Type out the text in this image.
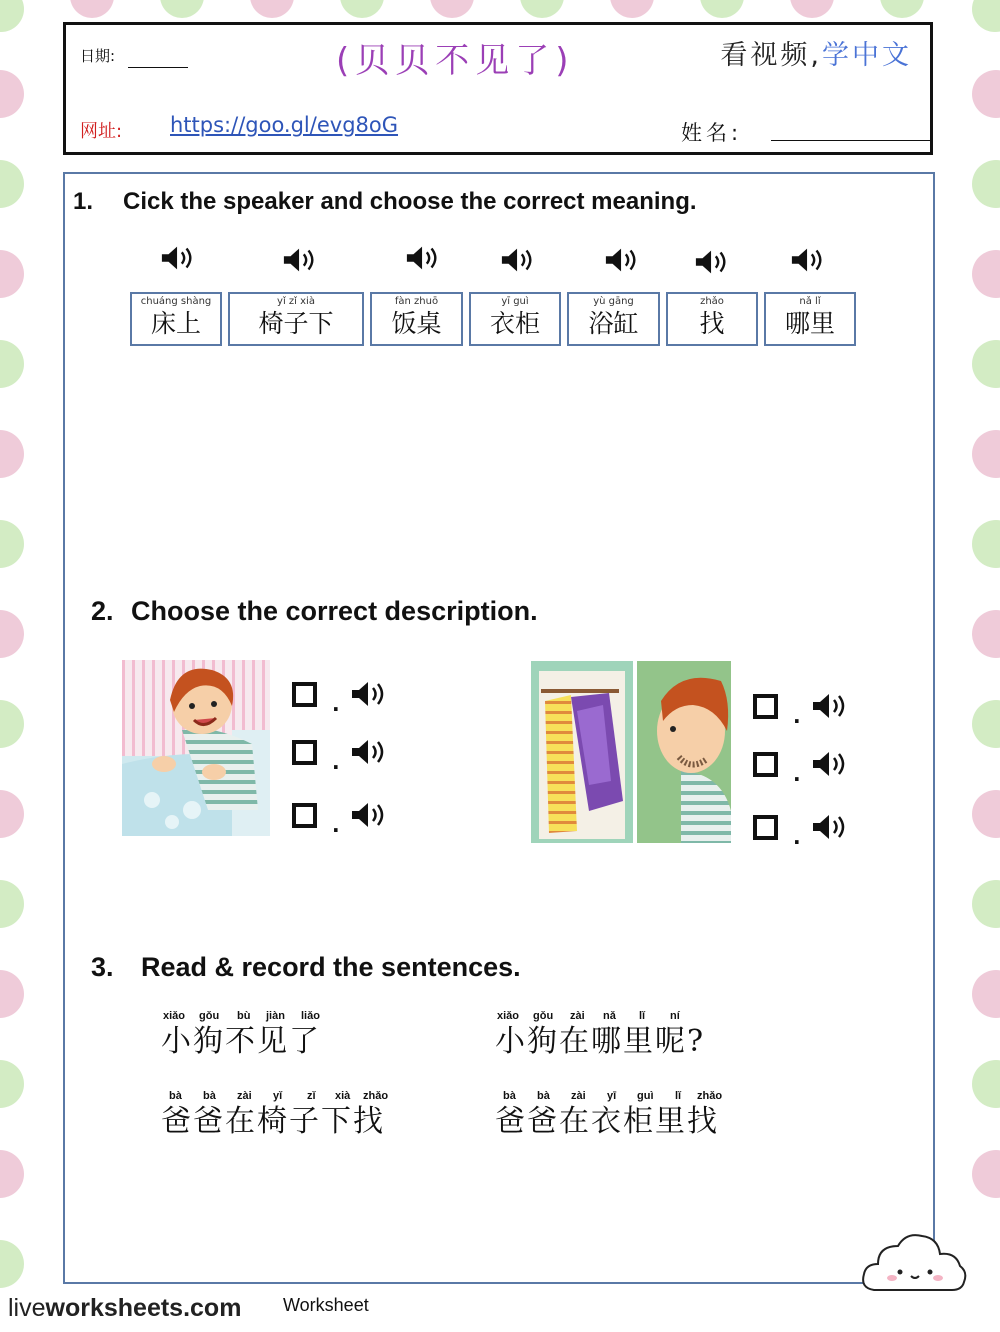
日期:	(贝贝不见了)	看视频,学中文
网址: https://goo.gl/evg8oG	姓名:
1. Cick the speaker and choose the correct meaning.
chuáng shàng
床上
yǐ zǐ xià
椅子下
fàn zhuō
饭桌
yī guì
衣柜
yù gāng
浴缸
zhǎo
找
nǎ lǐ
哪里
2. Choose the correct description.
.
.
.
.
.
.
3. Read & record the sentences.
xiǎo gǒu bù jiàn liǎo
小狗不见了
xiǎo gǒu zài nǎ lǐ ní
小狗在哪里呢?
bà bà zài yǐ zǐ xià zhǎo
爸爸在椅子下找
bà bà zài yī guì lǐ zhǎo
爸爸在衣柜里找
liveworksheets.com Worksheet
